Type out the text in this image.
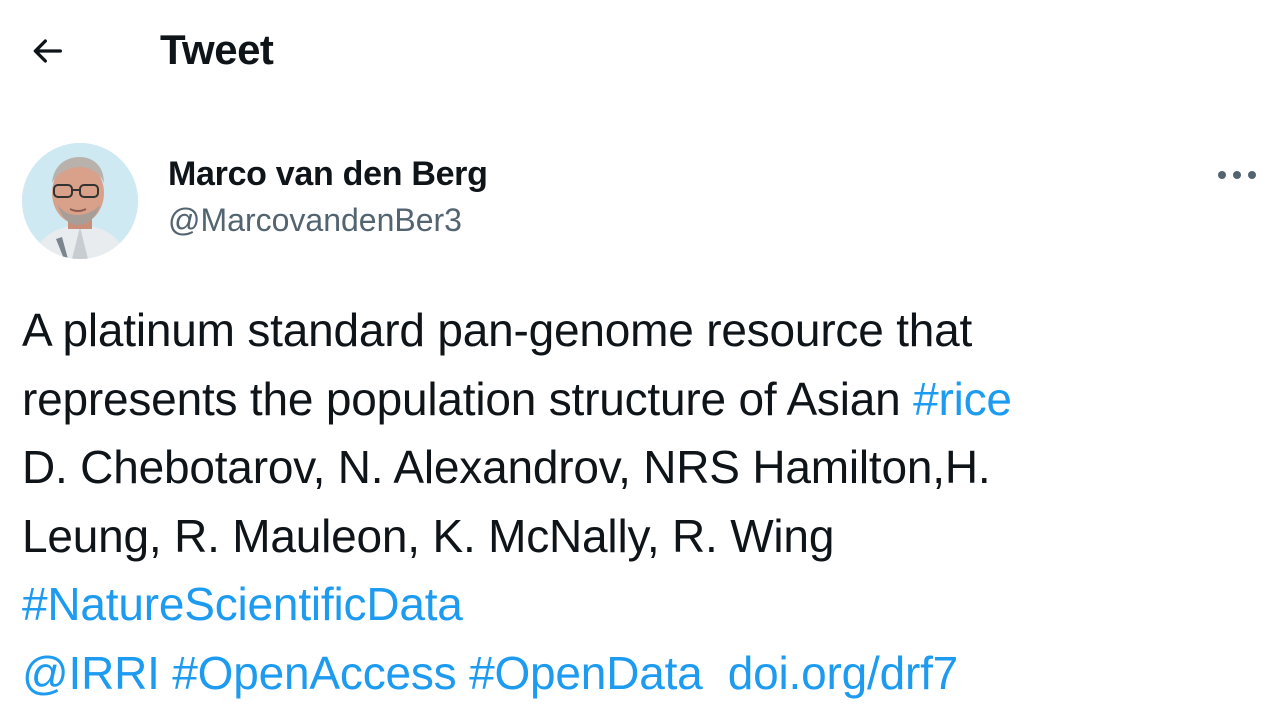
Tweet
Marco van den Berg
@MarcovandenBer3
A platinum standard pan-genome resource that
represents the population structure of Asian #rice
D. Chebotarov, N. Alexandrov, NRS Hamilton,H.
Leung, R. Mauleon, K. McNally, R. Wing
#NatureScientificData
@IRRI #OpenAccess #OpenData doi.org/drf7
